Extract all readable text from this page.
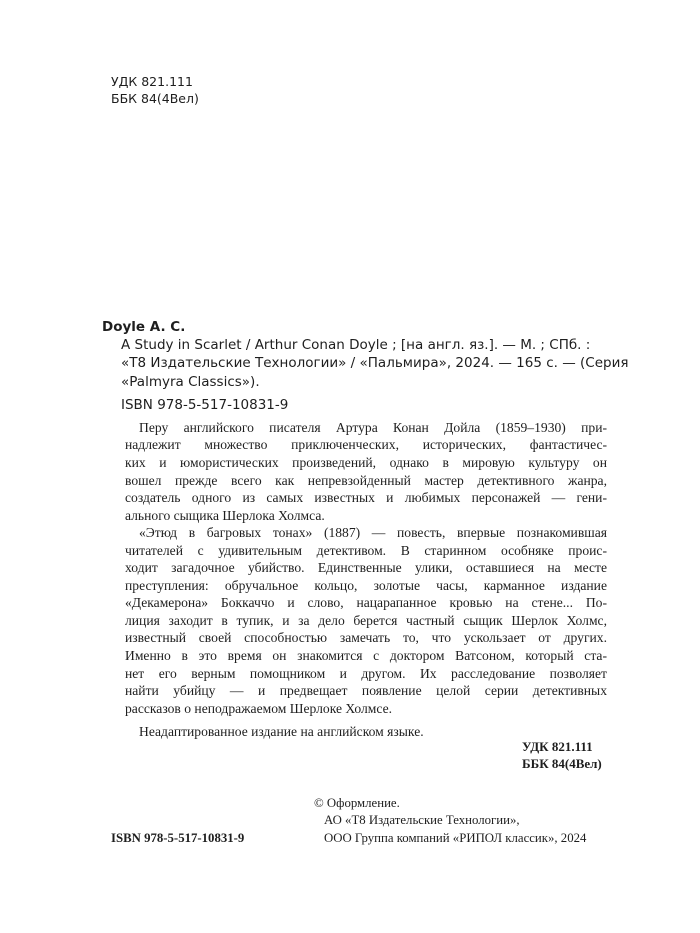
УДК 821.111
ББК 84(4Вел)
Doyle A. C.
A Study in Scarlet / Arthur Conan Doyle ; [на англ. яз.]. — М. ; СПб. :
«Т8 Издательские Технологии» / «Пальмира», 2024. — 165 с. — (Серия
«Palmyra Classics»).
ISBN 978-5-517-10831-9
Перу английского писателя Артура Конан Дойла (1859–1930) при-
надлежит множество приключенческих, исторических, фантастичес-
ких и юмористических произведений, однако в мировую культуру он
вошел прежде всего как непревзойденный мастер детективного жанра,
создатель одного из самых известных и любимых персонажей — гени-
ального сыщика Шерлока Холмса.
«Этюд в багровых тонах» (1887) — повесть, впервые познакомившая
читателей с удивительным детективом. В старинном особняке проис-
ходит загадочное убийство. Единственные улики, оставшиеся на месте
преступления: обручальное кольцо, золотые часы, карманное издание
«Декамерона» Боккаччо и слово, нацарапанное кровью на стене... По-
лиция заходит в тупик, и за дело берется частный сыщик Шерлок Холмс,
известный своей способностью замечать то, что ускользает от других.
Именно в это время он знакомится с доктором Ватсоном, который ста-
нет его верным помощником и другом. Их расследование позволяет
найти убийцу — и предвещает появление целой серии детективных
рассказов о неподражаемом Шерлоке Холмсе.
Неадаптированное издание на английском языке.
УДК 821.111
ББК 84(4Вел)
© Оформление.
АО «Т8 Издательские Технологии»,
ООО Группа компаний «РИПОЛ классик», 2024
ISBN 978-5-517-10831-9
